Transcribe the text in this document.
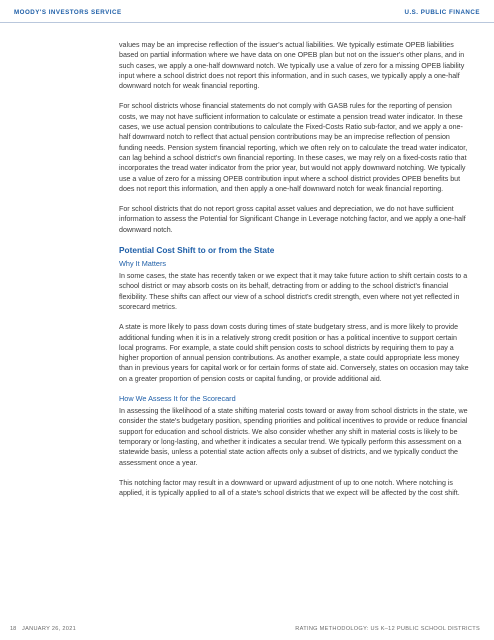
MOODY'S INVESTORS SERVICE	U.S. PUBLIC FINANCE

values may be an imprecise reflection of the issuer's actual liabilities. We typically estimate OPEB liabilities based on partial information where we have data on one OPEB plan but not on the issuer's other plans, and in such cases, we apply a one-half downward notch. We typically use a value of zero for a missing OPEB liability input where a school district does not report this information, and in such cases, we typically apply a one-half downward notch for weak financial reporting.

For school districts whose financial statements do not comply with GASB rules for the reporting of pension costs, we may not have sufficient information to calculate or estimate a pension tread water indicator. In these cases, we use actual pension contributions to calculate the Fixed-Costs Ratio sub-factor, and we apply a one-half downward notch to reflect that actual pension contributions may be an imprecise reflection of pension funding needs. Pension system financial reporting, which we often rely on to calculate the tread water indicator, can lag behind a school district's own financial reporting. In these cases, we may rely on a fixed-costs ratio that incorporates the tread water indicator from the prior year, but would not apply downward notching. We typically use a value of zero for a missing OPEB contribution input where a school district provides OPEB benefits but does not report this information, and then apply a one-half downward notch for weak financial reporting.

For school districts that do not report gross capital asset values and depreciation, we do not have sufficient information to assess the Potential for Significant Change in Leverage notching factor, and we apply a one-half downward notch.

Potential Cost Shift to or from the State
Why It Matters

In some cases, the state has recently taken or we expect that it may take future action to shift certain costs to a school district or may absorb costs on its behalf, detracting from or adding to the school district's financial flexibility. These shifts can affect our view of a school district's credit strength, even where not yet reflected in scorecard metrics.

A state is more likely to pass down costs during times of state budgetary stress, and is more likely to provide additional funding when it is in a relatively strong credit position or has a political incentive to support certain local programs. For example, a state could shift pension costs to school districts by requiring them to pay a higher proportion of annual pension contributions. As another example, a state could appropriate less money than in previous years for capital work or for certain forms of state aid. Conversely, states on occasion may take on a greater proportion of pension costs or capital funding, or provide additional aid.

How We Assess It for the Scorecard

In assessing the likelihood of a state shifting material costs toward or away from school districts in the state, we consider the state's budgetary position, spending priorities and political incentives to provide or reduce financial support for education and school districts. We also consider whether any shift in material costs is likely to be temporary or long-lasting, and whether it indicates a secular trend. We typically perform this assessment on a statewide basis, unless a potential state action affects only a subset of districts, and we typically conduct the assessment once a year.

This notching factor may result in a downward or upward adjustment of up to one notch. Where notching is applied, it is typically applied to all of a state's school districts that we expect will be affected by the cost shift.

18 JANUARY 26, 2021	RATING METHODOLOGY: US K–12 PUBLIC SCHOOL DISTRICTS
